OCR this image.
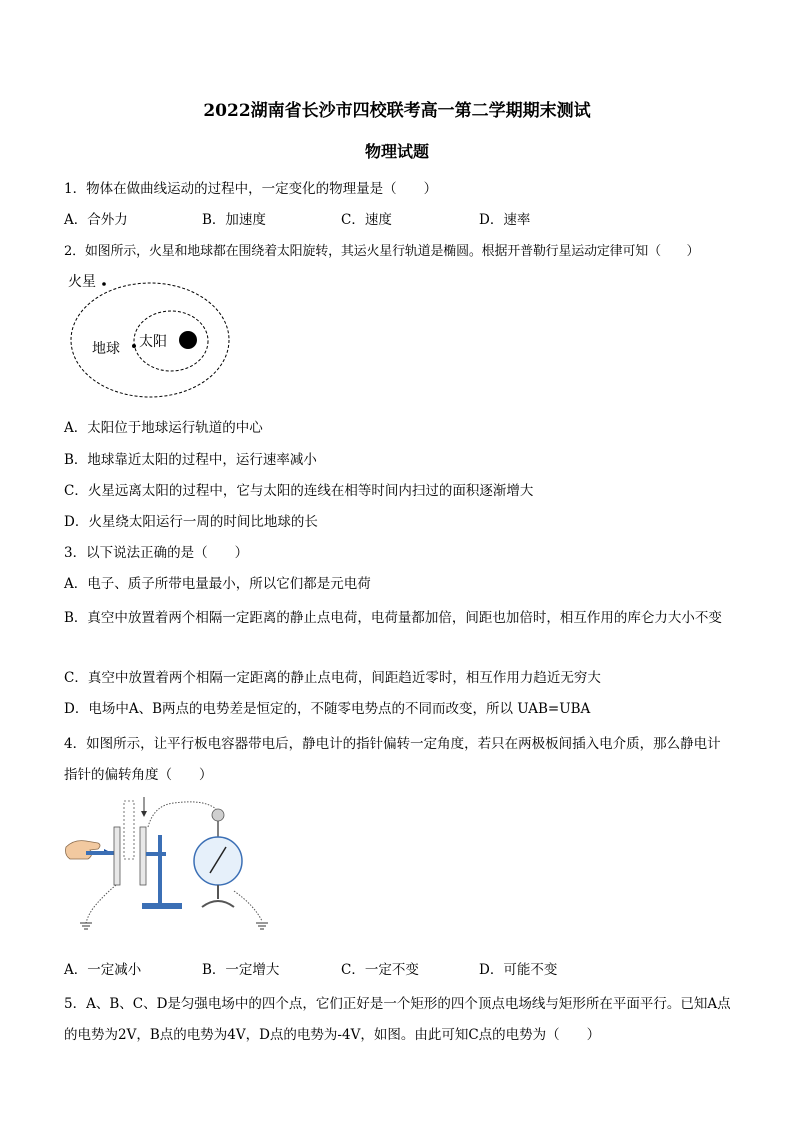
2022湖南省长沙市四校联考高一第二学期期末测试
物理试题
1．物体在做曲线运动的过程中，一定变化的物理量是（　　）
A．合外力	B．加速度	C．速度	D．速率
2．如图所示，火星和地球都在围绕着太阳旋转，其运火星行轨道是椭圆。根据开普勒行星运动定律可知（　　）
火星
地球 太阳
A．太阳位于地球运行轨道的中心
B．地球靠近太阳的过程中，运行速率减小
C．火星远离太阳的过程中，它与太阳的连线在相等时间内扫过的面积逐渐增大
D．火星绕太阳运行一周的时间比地球的长
3．以下说法正确的是（　　）
A．电子、质子所带电量最小，所以它们都是元电荷
B．真空中放置着两个相隔一定距离的静止点电荷，电荷量都加倍，间距也加倍时，相互作用的库仑力大小不变
C．真空中放置着两个相隔一定距离的静止点电荷，间距趋近零时，相互作用力趋近无穷大
D．电场中A、B两点的电势差是恒定的，不随零电势点的不同而改变，所以 UAB=UBA
4．如图所示，让平行板电容器带电后，静电计的指针偏转一定角度，若只在两极板间插入电介质，那么静电计指针的偏转角度（　　）
A．一定减小	B．一定增大	C．一定不变	D．可能不变
5．A、B、C、D是匀强电场中的四个点，它们正好是一个矩形的四个顶点电场线与矩形所在平面平行。已知A点的电势为2V，B点的电势为4V，D点的电势为-4V，如图。由此可知C点的电势为（　　）
